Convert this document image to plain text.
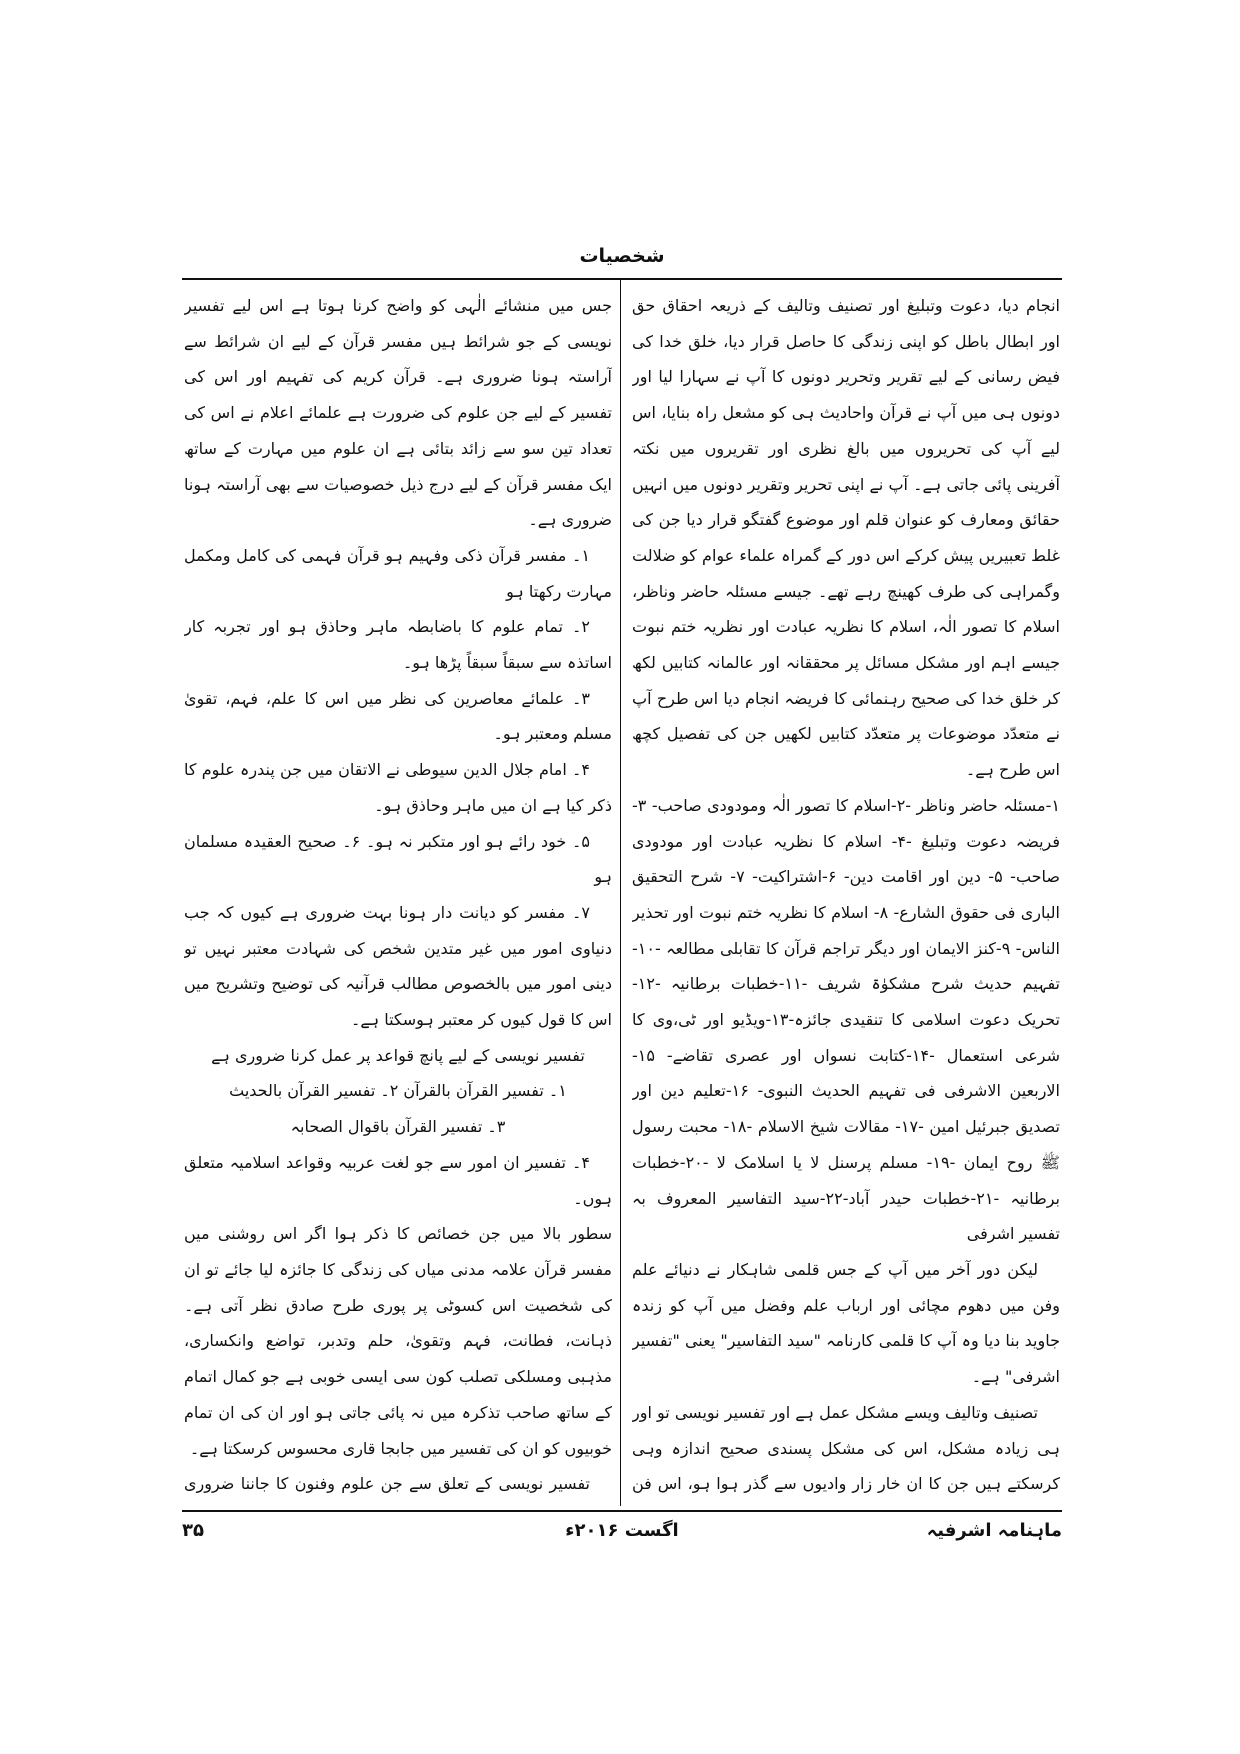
شخصیات

انجام دیا، دعوت وتبلیغ اور تصنیف وتالیف کے ذریعہ احقاق حق اور ابطال باطل کو اپنی زندگی کا حاصل قرار دیا، خلق خدا کی فیض رسانی کے لیے تقریر وتحریر دونوں کا آپ نے سہارا لیا اور دونوں ہی میں آپ نے قرآن واحادیث ہی کو مشعل راہ بنایا، اس لیے آپ کی تحریروں میں بالغ نظری اور تقریروں میں نکتہ آفرینی پائی جاتی ہے۔ آپ نے اپنی تحریر وتقریر دونوں میں انہیں حقائق ومعارف کو عنوان قلم اور موضوع گفتگو قرار دیا جن کی غلط تعبیریں پیش کرکے اس دور کے گمراہ علماء عوام کو ضلالت وگمراہی کی طرف کھینچ رہے تھے۔ جیسے مسئلہ حاضر وناظر، اسلام کا تصور الٰہ، اسلام کا نظریہ عبادت اور نظریہ ختم نبوت جیسے اہم اور مشکل مسائل پر محققانہ اور عالمانہ کتابیں لکھ کر خلق خدا کی صحیح رہنمائی کا فریضہ انجام دیا اس طرح آپ نے متعدّد موضوعات پر متعدّد کتابیں لکھیں جن کی تفصیل کچھ اس طرح ہے۔

۱-مسئلہ حاضر وناظر -۲-اسلام کا تصور الٰہ ومودودی صاحب- ۳- فریضہ دعوت وتبلیغ -۴- اسلام کا نظریہ عبادت اور مودودی صاحب- ۵- دین اور اقامت دین- ۶-اشتراکیت- ۷- شرح التحقیق الباری فی حقوق الشارع- ۸- اسلام کا نظریہ ختم نبوت اور تحذیر الناس- ۹-کنز الایمان اور دیگر تراجم قرآن کا تقابلی مطالعہ -۱۰- تفہیم حدیث شرح مشکوٰۃ شریف -۱۱-خطبات برطانیہ -۱۲-تحریک دعوت اسلامی کا تنقیدی جائزہ-۱۳-ویڈیو اور ٹی،وی کا شرعی استعمال -۱۴-کتابت نسواں اور عصری تقاضے- ۱۵- الاربعین الاشرفی فی تفہیم الحدیث النبوی- ۱۶-تعلیم دین اور تصدیق جبرئیل امین -۱۷- مقالات شیخ الاسلام -۱۸- محبت رسول ﷺ روح ایمان -۱۹- مسلم پرسنل لا یا اسلامک لا -۲۰-خطبات برطانیہ -۲۱-خطبات حیدر آباد-۲۲-سید التفاسیر المعروف بہ تفسیر اشرفی

لیکن دور آخر میں آپ کے جس قلمی شاہکار نے دنیائے علم وفن میں دھوم مچائی اور ارباب علم وفضل میں آپ کو زندہ جاوید بنا دیا وہ آپ کا قلمی کارنامہ "سید التفاسیر" یعنی "تفسیر اشرفی" ہے۔

تصنیف وتالیف ویسے مشکل عمل ہے اور تفسیر نویسی تو اور ہی زیادہ مشکل، اس کی مشکل پسندی صحیح اندازہ وہی کرسکتے ہیں جن کا ان خار زار وادیوں سے گذر ہوا ہو، اس فن

جس میں منشائے الٰہی کو واضح کرنا ہوتا ہے اس لیے تفسیر نویسی کے جو شرائط ہیں مفسر قرآن کے لیے ان شرائط سے آراستہ ہونا ضروری ہے۔ قرآن کریم کی تفہیم اور اس کی تفسیر کے لیے جن علوم کی ضرورت ہے علمائے اعلام نے اس کی تعداد تین سو سے زائد بتائی ہے ان علوم میں مہارت کے ساتھ ایک مفسر قرآن کے لیے درج ذیل خصوصیات سے بھی آراستہ ہونا ضروری ہے۔

۱۔ مفسر قرآن ذکی وفہیم ہو قرآن فہمی کی کامل ومکمل مہارت رکھتا ہو

۲۔ تمام علوم کا باضابطہ ماہر وحاذق ہو اور تجربہ کار اساتذہ سے سبقاً سبقاً پڑھا ہو۔

۳۔ علمائے معاصرین کی نظر میں اس کا علم، فہم، تقویٰ مسلم ومعتبر ہو۔

۴۔ امام جلال الدین سیوطی نے الاتقان میں جن پندرہ علوم کا ذکر کیا ہے ان میں ماہر وحاذق ہو۔

۵۔ خود رائے ہو اور متکبر نہ ہو۔ ۶۔ صحیح العقیدہ مسلمان ہو

۷۔ مفسر کو دیانت دار ہونا بہت ضروری ہے کیوں کہ جب دنیاوی امور میں غیر متدین شخص کی شہادت معتبر نہیں تو دینی امور میں بالخصوص مطالب قرآنیہ کی توضیح وتشریح میں اس کا قول کیوں کر معتبر ہوسکتا ہے۔

تفسیر نویسی کے لیے پانچ قواعد پر عمل کرنا ضروری ہے

۱۔ تفسیر القرآن بالقرآن ۲۔ تفسیر القرآن بالحدیث

۳۔ تفسیر القرآن باقوال الصحابہ

۴۔ تفسیر ان امور سے جو لغت عربیہ وقواعد اسلامیہ متعلق ہوں۔

سطور بالا میں جن خصائص کا ذکر ہوا اگر اس روشنی میں مفسر قرآن علامہ مدنی میاں کی زندگی کا جائزہ لیا جائے تو ان کی شخصیت اس کسوٹی پر پوری طرح صادق نظر آتی ہے۔ ذہانت، فطانت، فہم وتقویٰ، حلم وتدبر، تواضع وانکساری، مذہبی ومسلکی تصلب کون سی ایسی خوبی ہے جو کمال اتمام کے ساتھ صاحب تذکرہ میں نہ پائی جاتی ہو اور ان کی ان تمام خوبیوں کو ان کی تفسیر میں جابجا قاری محسوس کرسکتا ہے۔

تفسیر نویسی کے تعلق سے جن علوم وفنون کا جاننا ضروری

۳۵	اگست ۲۰۱۶ء	ماہنامہ اشرفیہ
